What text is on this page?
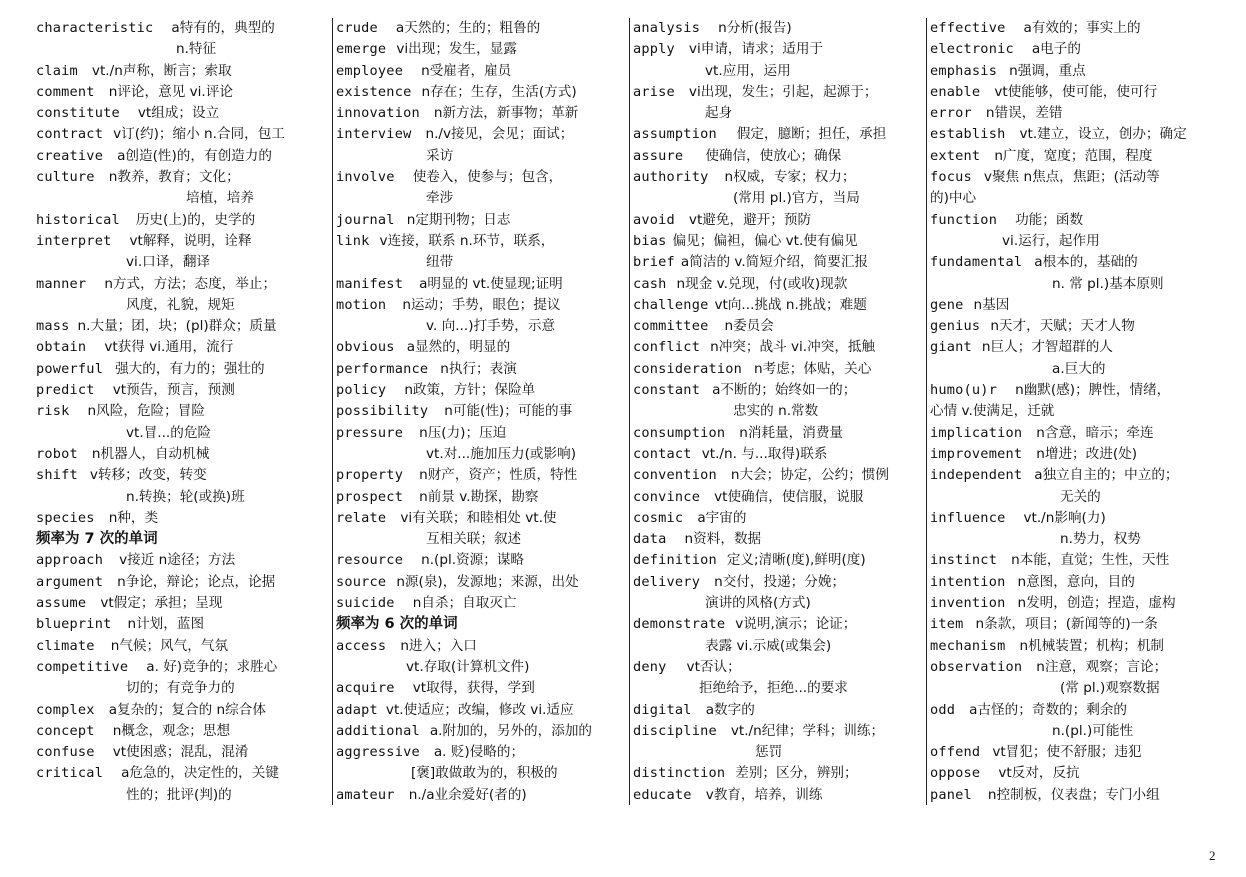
characteristic a特有的，典型的
n.特征
claim vt./n声称，断言；索取
comment n评论，意见 vi.评论
constitute vt组成；设立
contract v订(约)；缩小 n.合同，包工
creative a创造(性)的，有创造力的
culture n教养，教育；文化；
培植，培养
historical 历史(上)的，史学的
interpret vt解释，说明，诠释
vi.口译，翻译
manner n方式，方法；态度，举止；
风度，礼貌，规矩
mass n.大量；团，块；(pl)群众；质量
obtain vt获得 vi.通用，流行
powerful 强大的，有力的；强壮的
predict vt预告，预言，预测
risk n风险，危险；冒险
vt.冒...的危险
robot n机器人，自动机械
shift v转移；改变，转变
n.转换；轮(或换)班
species n种，类
频率为 7 次的单词
approach v接近 n途径；方法
argument n争论，辩论；论点，论据
assume vt假定；承担；呈现
blueprint n计划，蓝图
climate n气候；风气，气氛
competitive a. 好)竞争的；求胜心
切的；有竞争力的
complex a复杂的；复合的 n综合体
concept n概念，观念；思想
confuse vt使困惑；混乱，混淆
critical a危急的，决定性的，关键
性的；批评(判)的
crude a天然的；生的；粗鲁的
emerge vi出现；发生，显露
employee n受雇者，雇员
existence n存在；生存，生活(方式)
innovation n新方法，新事物；革新
interview n./v接见，会见；面试；
采访
involve 使卷入，使参与；包含，
牵涉
journal n定期刊物；日志
link v连接，联系 n.环节，联系，
纽带
manifest a明显的 vt.使显现;证明
motion n运动；手势，眼色；提议
v. 向...)打手势，示意
obvious a显然的，明显的
performance n执行；表演
policy n政策，方针；保险单
possibility n可能(性)；可能的事
pressure n压(力)；压迫
vt.对...施加压力(或影响)
property n财产，资产；性质，特性
prospect n前景 v.勘探，勘察
relate vi有关联；和睦相处 vt.使
互相关联；叙述
resource n.(pl.资源；谋略
source n源(泉)，发源地；来源，出处
suicide n自杀；自取灭亡
频率为 6 次的单词
access n进入；入口
vt.存取(计算机文件)
acquire vt取得，获得，学到
adapt vt.使适应；改编，修改 vi.适应
additional a.附加的，另外的，添加的
aggressive a. 贬)侵略的；
[褒]敢做敢为的，积极的
amateur n./a业余爱好(者的)
analysis n分析(报告)
apply vi申请，请求；适用于
vt.应用，运用
arise vi出现，发生；引起，起源于；
起身
assumption 假定，臆断；担任，承担
assure 使确信，使放心；确保
authority n权威，专家；权力；
(常用 pl.)官方，当局
avoid vt避免，避开；预防
bias 偏见；偏袒，偏心 vt.使有偏见
brief a简洁的 v.简短介绍，简要汇报
cash n现金 v.兑现，付(或收)现款
challenge vt向...挑战 n.挑战；难题
committee n委员会
conflict n冲突；战斗 vi.冲突，抵触
consideration n考虑；体贴，关心
constant a不断的；始终如一的；
忠实的 n.常数
consumption n消耗量，消费量
contact vt./n. 与...取得)联系
convention n大会；协定，公约；惯例
convince vt使确信，使信服，说服
cosmic a宇宙的
data n资料，数据
definition 定义;清晰(度),鲜明(度)
delivery n交付，投递；分娩；
演讲的风格(方式)
demonstrate v说明,演示；论证；
表露 vi.示威(或集会)
deny vt否认；
拒绝给予，拒绝...的要求
digital a数字的
discipline vt./n纪律；学科；训练；
惩罚
distinction 差别；区分，辨别；
educate v教育，培养，训练
effective a有效的；事实上的
electronic a电子的
emphasis n强调，重点
enable vt使能够，使可能，使可行
error n错误，差错
establish vt.建立，设立，创办；确定
extent n广度，宽度；范围，程度
focus v聚焦 n焦点，焦距；(活动等
的)中心
function 功能；函数
vi.运行，起作用
fundamental a根本的，基础的
n. 常 pl.)基本原则
gene n基因
genius n天才，天赋；天才人物
giant n巨人；才智超群的人
a.巨大的
humo(u)r n幽默(感)；脾性，情绪，
心情 v.使满足，迁就
implication n含意，暗示；牵连
improvement n增进；改进(处)
independent a独立自主的；中立的；
无关的
influence vt./n影响(力)
n.势力，权势
instinct n本能，直觉；生性，天性
intention n意图，意向，目的
invention n发明，创造；捏造，虚构
item n条款，项目；(新闻等的)一条
mechanism n机械装置；机构；机制
observation n注意，观察；言论；
(常 pl.)观察数据
odd a古怪的；奇数的；剩余的
n.(pl.)可能性
offend vt冒犯；使不舒服；违犯
oppose vt反对，反抗
panel n控制板，仪表盘；专门小组
2
